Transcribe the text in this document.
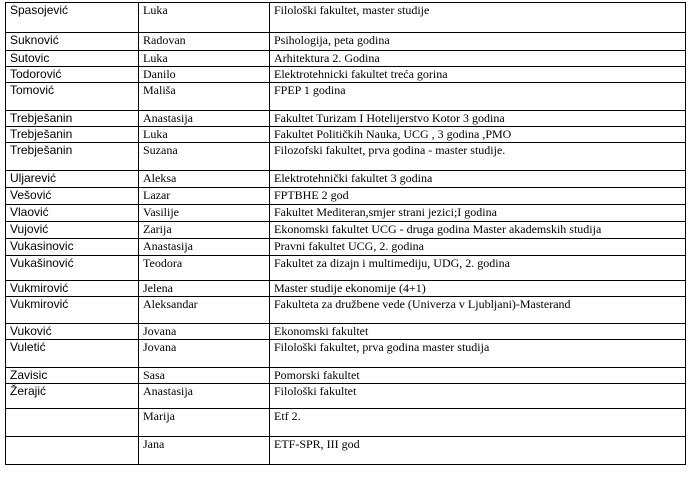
Spasojević	Luka	Filološki fakultet, master studije
Suknović	Radovan	Psihologija, peta godina
Sutovic	Luka	Arhitektura 2. Godina
Todorović	Danilo	Elektrotehnicki fakultet treća gorina
Tomović	Mališa	FPEP 1 godina
Trebješanin	Anastasija	Fakultet Turizam I Hotelijerstvo Kotor 3 godina
Trebješanin	Luka	Fakultet Političkih Nauka, UCG , 3 godina ,PMO
Trebješanin	Suzana	Filozofski fakultet, prva godina - master studije.
Uljarević	Aleksa	Elektrotehnički fakultet 3 godina
Vešović	Lazar	FPTBHE 2 god
Vlaović	Vasilije	Fakultet Mediteran,smjer strani jezici;I godina
Vujović	Zarija	Ekonomski fakultet UCG - druga godina Master akademskih studija
Vukasinovic	Anastasija	Pravni fakultet UCG, 2. godina
Vukašinović	Teodora	Fakultet za dizajn i multimediju, UDG, 2. godina
Vukmirović	Jelena	Master studije ekonomije (4+1)
Vukmirović	Aleksandar	Fakulteta za družbene vede (Univerza v Ljubljani)-Masterand
Vuković	Jovana	Ekonomski fakultet
Vuletić	Jovana	Filološki fakultet, prva godina master studija
Zavisic	Sasa	Pomorski fakultet
Žerajić	Anastasija	Filološki fakultet
	Marija	Etf 2.
	Jana	ETF-SPR, III god
